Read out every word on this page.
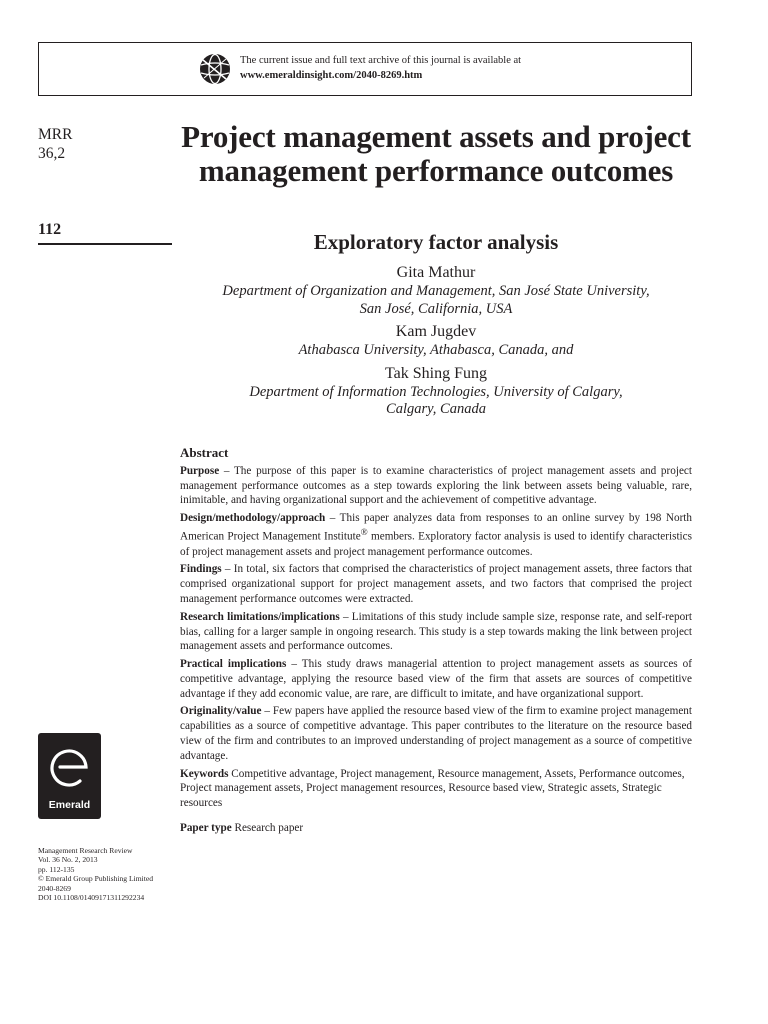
The current issue and full text archive of this journal is available at
www.emeraldinsight.com/2040-8269.htm
MRR
36,2
112
Project management assets and project management performance outcomes
Exploratory factor analysis
Gita Mathur
Department of Organization and Management, San José State University,
San José, California, USA
Kam Jugdev
Athabasca University, Athabasca, Canada, and
Tak Shing Fung
Department of Information Technologies, University of Calgary,
Calgary, Canada
Abstract

Purpose – The purpose of this paper is to examine characteristics of project management assets and project management performance outcomes as a step towards exploring the link between assets being valuable, rare, inimitable, and having organizational support and the achievement of competitive advantage.

Design/methodology/approach – This paper analyzes data from responses to an online survey by 198 North American Project Management Institute® members. Exploratory factor analysis is used to identify characteristics of project management assets and project management performance outcomes.

Findings – In total, six factors that comprised the characteristics of project management assets, three factors that comprised organizational support for project management assets, and two factors that comprised the project management performance outcomes were extracted.

Research limitations/implications – Limitations of this study include sample size, response rate, and self-report bias, calling for a larger sample in ongoing research. This study is a step towards making the link between project management assets and performance outcomes.

Practical implications – This study draws managerial attention to project management assets as sources of competitive advantage, applying the resource based view of the firm that assets are sources of competitive advantage if they add economic value, are rare, are difficult to imitate, and have organizational support.

Originality/value – Few papers have applied the resource based view of the firm to examine project management capabilities as a source of competitive advantage. This paper contributes to the literature on the resource based view of the firm and contributes to an improved understanding of project management as a source of competitive advantage.

Keywords Competitive advantage, Project management, Resource management, Assets, Performance outcomes, Project management assets, Project management resources, Resource based view, Strategic assets, Strategic resources

Paper type Research paper

Emerald
Management Research Review
Vol. 36 No. 2, 2013
pp. 112-135
© Emerald Group Publishing Limited
2040-8269
DOI 10.1108/01409171311292234
